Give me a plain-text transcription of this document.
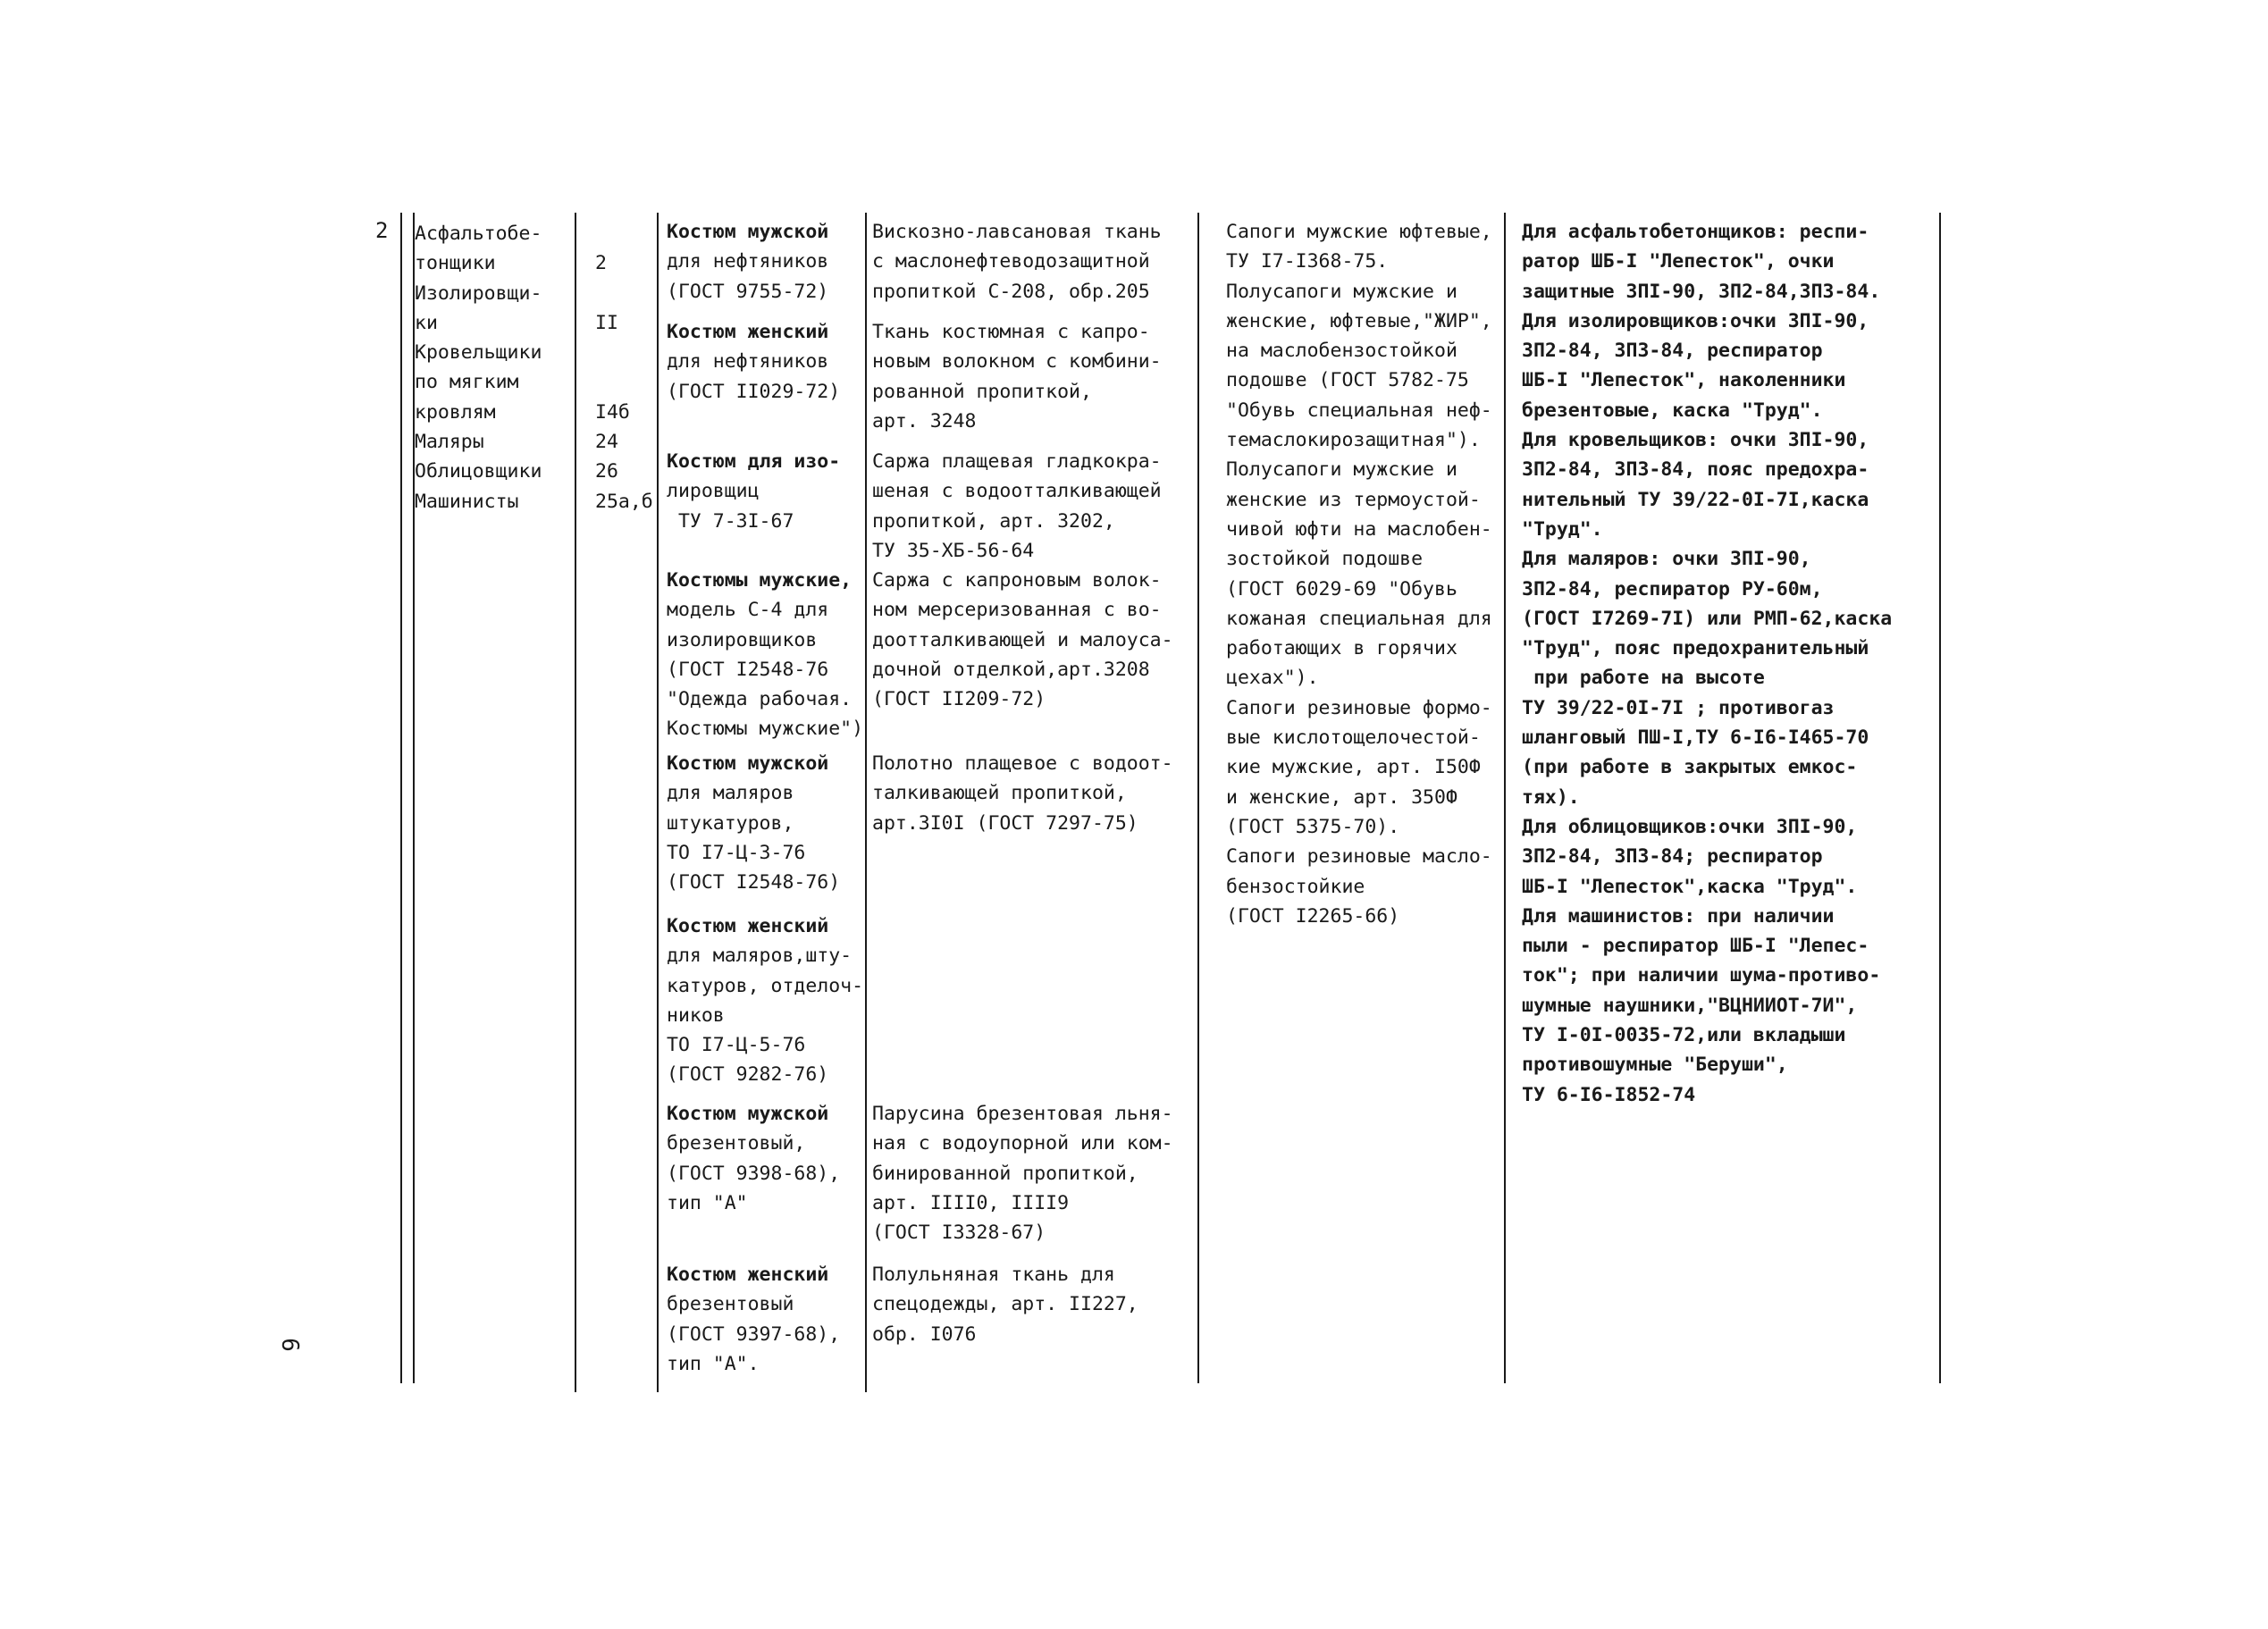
2 Асфальтобе-
тонщики
Изолировщи-
ки
Кровельщики
по мягким
кровлям
Маляры
Облицовщики
Машинисты
2
II
I4б
24
26
25а,б
Костюм мужской
для нефтяников
(ГОСТ 9755-72)
Костюм женский
для нефтяников
(ГОСТ II029-72)
Костюм для изо-
лировщиц
ТУ 7-3I-67
Костюмы мужские,
модель С-4 для
изолировщиков
(ГОСТ I2548-76
"Одежда рабочая.
Костюмы мужские")
Костюм мужской
для маляров
штукатуров,
ТО I7-Ц-3-76
(ГОСТ I2548-76)
Костюм женский
для маляров,шту-
катуров, отделоч-
ников
ТО I7-Ц-5-76
(ГОСТ 9282-76)
Костюм мужской
брезентовый,
(ГОСТ 9398-68),
тип "А"
Костюм женский
брезентовый
(ГОСТ 9397-68),
тип "А".
Вискозно-лавсановая ткань
с маслонефтеводозащитной
пропиткой С-208, обр.205
Ткань костюмная с капро-
новым волокном с комбини-
рованной пропиткой,
арт. 3248
Саржа плащевая гладкокра-
шеная с водоотталкивающей
пропиткой, арт. 3202,
ТУ 35-ХБ-56-64
Саржа с капроновым волок-
ном мерсеризованная с во-
доотталкивающей и малоуса-
дочной отделкой,арт.3208
(ГОСТ II209-72)
Полотно плащевое с водоот-
талкивающей пропиткой,
арт.3I0I (ГОСТ 7297-75)
Парусина брезентовая льня-
ная с водоупорной или ком-
бинированной пропиткой,
арт. IIII0, IIII9
(ГОСТ I3328-67)
Полульняная ткань для
спецодежды, арт. II227,
обр. I076
Сапоги мужские юфтевые,
ТУ I7-I368-75.
Полусапоги мужские и
женские, юфтевые,"ЖИР",
на маслобензостойкой
подошве (ГОСТ 5782-75
"Обувь специальная неф-
темаслокирозащитная").
Полусапоги мужские и
женские из термоустой-
чивой юфти на маслобен-
зостойкой подошве
(ГОСТ 6029-69 "Обувь
кожаная специальная для
работающих в горячих
цехах").
Сапоги резиновые формо-
вые кислотощелочестой-
кие мужские, арт. I50Ф
и женские, арт. 350Ф
(ГОСТ 5375-70).
Сапоги резиновые масло-
бензостойкие
(ГОСТ I2265-66)
Для асфальтобетонщиков: респи-
ратор ШБ-I "Лепесток", очки
защитные ЗПI-90, ЗП2-84,ЗП3-84.
Для изолировщиков:очки ЗПI-90,
ЗП2-84, ЗП3-84, респиратор
ШБ-I "Лепесток", наколенники
брезентовые, каска "Труд".
Для кровельщиков: очки ЗПI-90,
ЗП2-84, ЗП3-84, пояс предохра-
нительный ТУ 39/22-0I-7I,каска
"Труд".
Для маляров: очки ЗПI-90,
ЗП2-84, респиратор РУ-60м,
(ГОСТ I7269-7I) или РМП-62,каска
"Труд", пояс предохранительный
при работе на высоте
ТУ 39/22-0I-7I ; противогаз
шланговый ПШ-I,ТУ 6-I6-I465-70
(при работе в закрытых емкос-
тях).
Для облицовщиков:очки ЗПI-90,
ЗП2-84, ЗП3-84; респиратор
ШБ-I "Лепесток",каска "Труд".
Для машинистов: при наличии
пыли - респиратор ШБ-I "Лепес-
ток"; при наличии шума-противо-
шумные наушники,"ВЦНИИОТ-7И",
ТУ I-0I-0035-72,или вкладыши
противошумные "Беруши",
ТУ 6-I6-I852-74
6
